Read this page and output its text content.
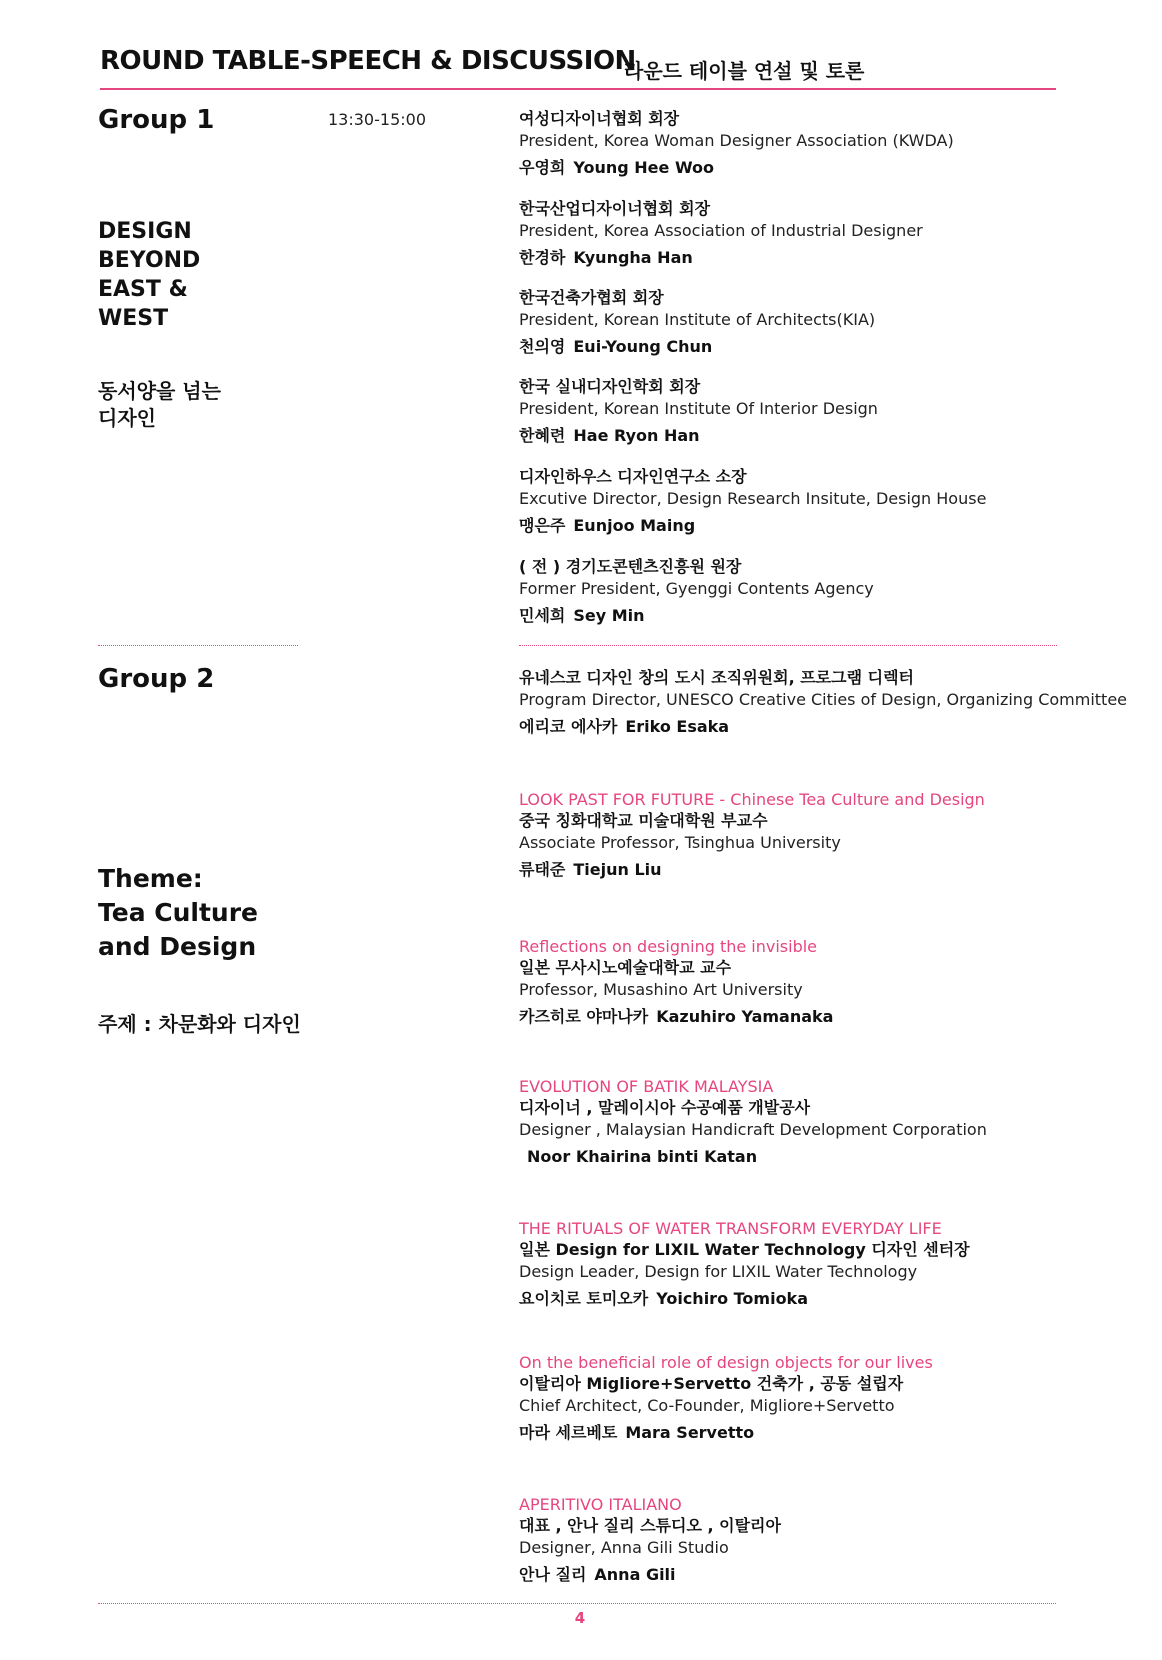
ROUND TABLE-SPEECH & DISCUSSION
라운드 테이블 연설 및 토론
Group 1	13:30-15:00
DESIGN
BEYOND
EAST &
WEST
동서양을 넘는
디자인
여성디자이너협회 회장
President, Korea Woman Designer Association (KWDA)
우영희 Young Hee Woo
한국산업디자이너협회 회장
President, Korea Association of Industrial Designer
한경하 Kyungha Han
한국건축가협회 회장
President, Korean Institute of Architects(KIA)
천의영 Eui-Young Chun
한국 실내디자인학회 회장
President, Korean Institute Of Interior Design
한혜련 Hae Ryon Han
디자인하우스 디자인연구소 소장
Excutive Director, Design Research Insitute, Design House
맹은주 Eunjoo Maing
( 전 ) 경기도콘텐츠진흥원 원장
Former President, Gyenggi Contents Agency
민세희 Sey Min
Group 2
Theme:
Tea Culture
and Design
주제 : 차문화와 디자인
유네스코 디자인 창의 도시 조직위원회, 프로그램 디렉터
Program Director, UNESCO Creative Cities of Design, Organizing Committee
에리코 에사카 Eriko Esaka
LOOK PAST FOR FUTURE - Chinese Tea Culture and Design
중국 칭화대학교 미술대학원 부교수
Associate Professor, Tsinghua University
류태준 Tiejun Liu
Reflections on designing the invisible
일본 무사시노예술대학교 교수
Professor, Musashino Art University
카즈히로 야마나카 Kazuhiro Yamanaka
EVOLUTION OF BATIK MALAYSIA
디자이너 , 말레이시아 수공예품 개발공사
Designer , Malaysian Handicraft Development Corporation
Noor Khairina binti Katan
THE RITUALS OF WATER TRANSFORM EVERYDAY LIFE
일본 Design for LIXIL Water Technology 디자인 센터장
Design Leader, Design for LIXIL Water Technology
요이치로 토미오카 Yoichiro Tomioka
On the beneficial role of design objects for our lives
이탈리아 Migliore+Servetto 건축가 , 공동 설립자
Chief Architect, Co-Founder, Migliore+Servetto
마라 세르베토 Mara Servetto
APERITIVO ITALIANO
대표 , 안나 질리 스튜디오 , 이탈리아
Designer, Anna Gili Studio
안나 질리 Anna Gili
4
